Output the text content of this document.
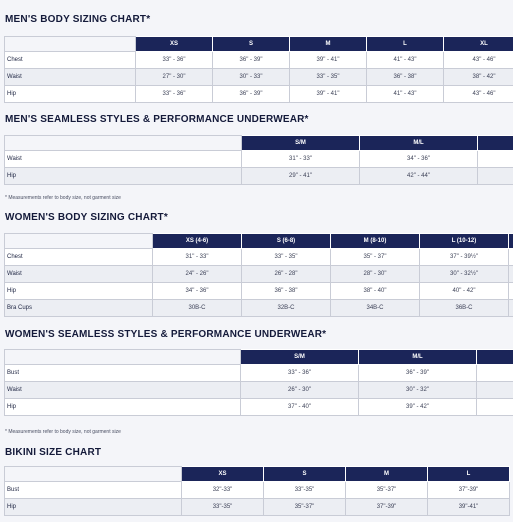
MEN'S BODY SIZING CHART*
	XS	S	M	L	XL
Chest	33" - 36"	36" - 39"	39" - 41"	41" - 43"	43" - 46"
Waist	27" - 30"	30" - 33"	33" - 35"	36" - 38"	38" - 42"
Hip	33" - 36"	36" - 39"	39" - 41"	41" - 43"	43" - 46"
MEN'S SEAMLESS STYLES & PERFORMANCE UNDERWEAR*
	S/M	M/L	
Waist	31" - 33"	34" - 36"	
Hip	29" - 41"	42" - 44"	
* Measurements refer to body size, not garment size
WOMEN'S BODY SIZING CHART*
	XS (4-6)	S (6-8)	M (8-10)	L (10-12)	
Chest	31" - 33"	33" - 35"	35" - 37"	37" - 39½"	
Waist	24" - 26"	26" - 28"	28" - 30"	30" - 32½"	
Hip	34" - 36"	36" - 38"	38" - 40"	40" - 42"	
Bra Cups	30B-C	32B-C	34B-C	36B-C	
WOMEN'S SEAMLESS STYLES & PERFORMANCE UNDERWEAR*
	S/M	M/L	
Bust	33" - 36"	36" - 39"	
Waist	26" - 30"	30" - 32"	
Hip	37" - 40"	39" - 42"	
* Measurements refer to body size, not garment size
BIKINI SIZE CHART
	XS	S	M	L
Bust	32"-33"	33"-35"	35"-37"	37"-39"
Hip	33"-35"	35"-37"	37"-39"	39"-41"
